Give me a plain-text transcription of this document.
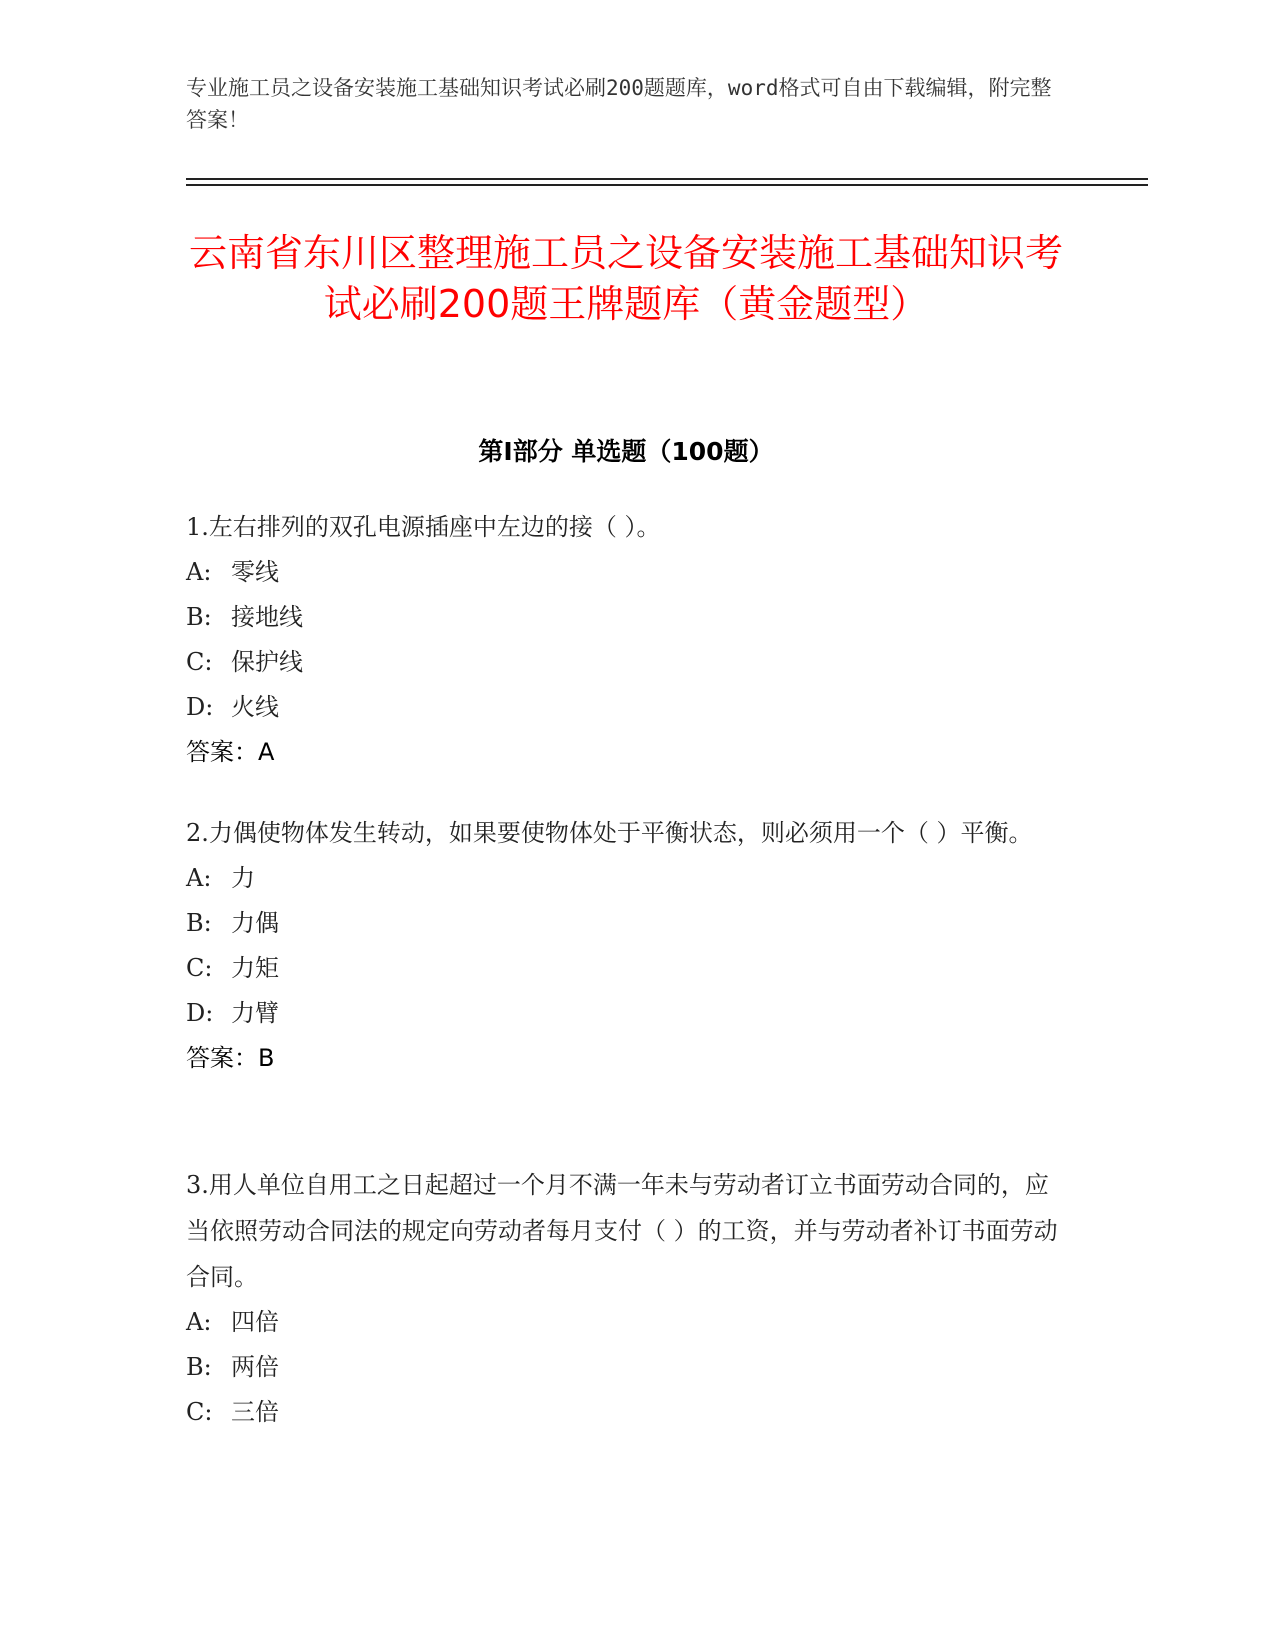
专业施工员之设备安装施工基础知识考试必刷200题题库，word格式可自由下载编辑，附完整答案！

云南省东川区整理施工员之设备安装施工基础知识考试必刷200题王牌题库（黄金题型）
第Ⅰ部分 单选题（100题）

1.左右排列的双孔电源插座中左边的接（ ）。

A: 零线

B: 接地线

C: 保护线

D: 火线

答案：A

2.力偶使物体发生转动，如果要使物体处于平衡状态，则必须用一个（ ）平衡。

A: 力

B: 力偶

C: 力矩

D: 力臂

答案：B

3.用人单位自用工之日起超过一个月不满一年未与劳动者订立书面劳动合同的，应当依照劳动合同法的规定向劳动者每月支付（ ）的工资，并与劳动者补订书面劳动合同。

A: 四倍

B: 两倍

C: 三倍
